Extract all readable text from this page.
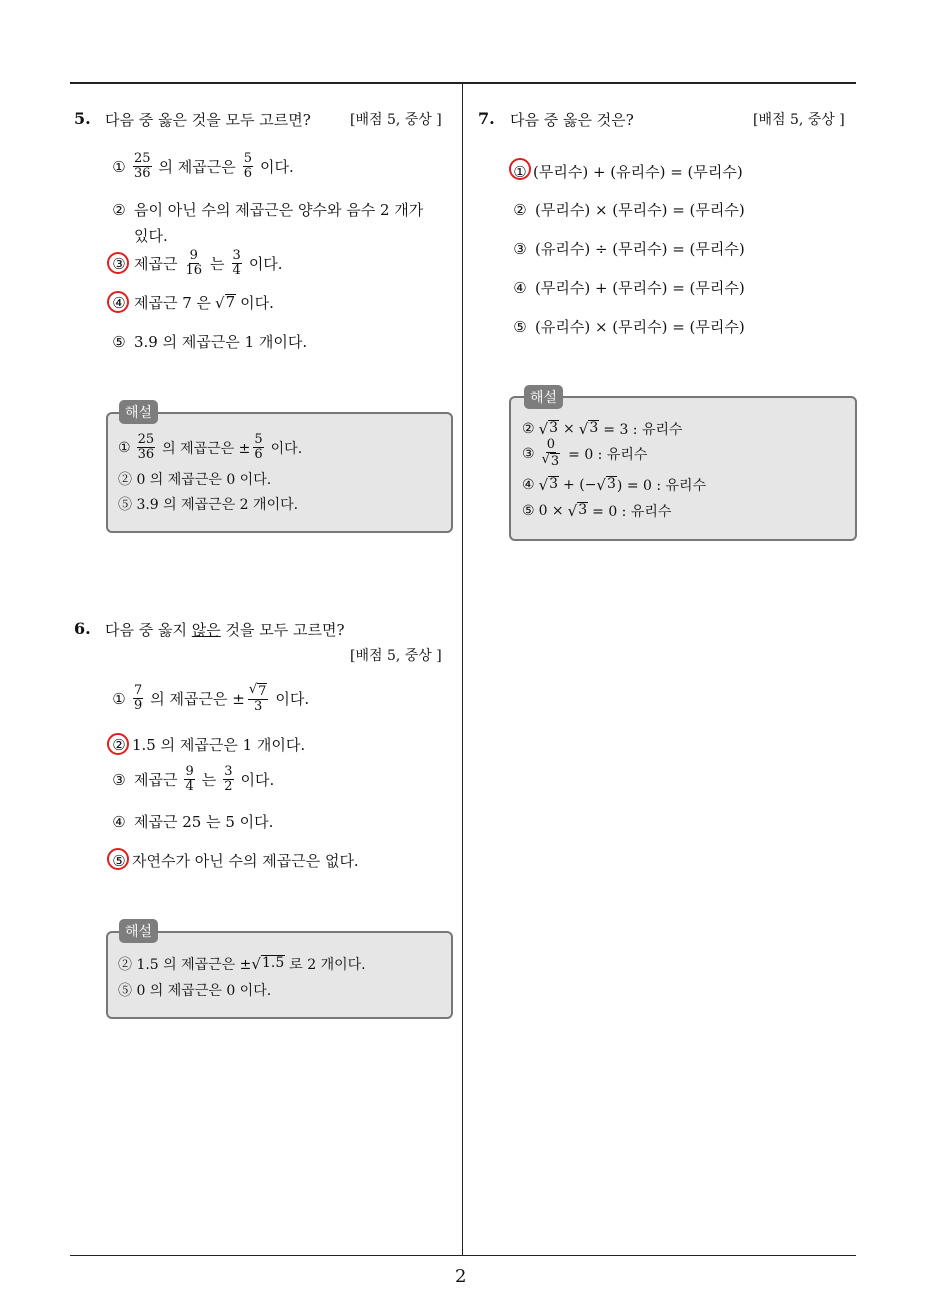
2
5. 다음 중 옳은 것을 모두 고르면?	[배점 5, 중상 ]
① $\frac{25}{36}$ 의 제곱근은 $\frac{5}{6}$ 이다.
② 음이 아닌 수의 제곱근은 양수와 음수 2 개가
있다.
③ 제곱근 $\frac{9}{16}$ 는 $\frac{3}{4}$ 이다.
④ 제곱근 7 은 √ 7 이다.
⑤ 3.9 의 제곱근은 1 개이다.
해설
① $\frac{25}{36}$ 의 제곱근은 ± $\frac{5}{6}$ 이다.
② 0 의 제곱근은 0 이다.
⑤ 3.9 의 제곱근은 2 개이다.
6. 다음 중 옳지 않은 것을 모두 고르면?
[배점 5, 중상 ]
① $\frac{7}{9}$ 의 제곱근은 ± $\frac{√ 7}{3}$ 이다.
② 1.5 의 제곱근은 1 개이다.
③ 제곱근 $\frac{9}{4}$ 는 $\frac{3}{2}$ 이다.
④ 제곱근 25 는 5 이다.
⑤ 자연수가 아닌 수의 제곱근은 없다.
해설
② 1.5 의 제곱근은 ± √ 1.5 로 2 개이다.
⑤ 0 의 제곱근은 0 이다.
7. 다음 중 옳은 것은?	[배점 5, 중상 ]
① (무리수) + (유리수) = (무리수)
② (무리수) × (무리수) = (무리수)
③ (유리수) ÷ (무리수) = (무리수)
④ (무리수) + (무리수) = (무리수)
⑤ (유리수) × (무리수) = (무리수)
해설
② √ 3 × √ 3 = 3 : 유리수
③ $\frac{0}{√ 3} = 0$ : 유리수
④ √ 3 + (− √ 3 ) = 0 : 유리수
⑤ 0 × √ 3 = 0 : 유리수
